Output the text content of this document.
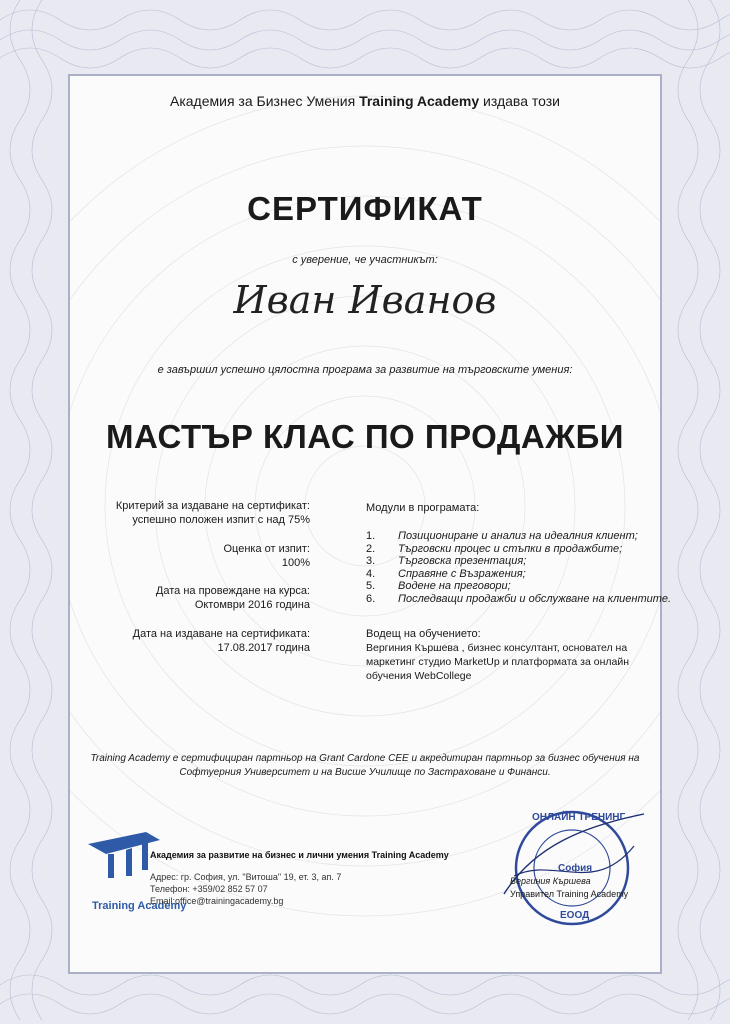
Академия за Бизнес Умения Training Academy издава този
СЕРТИФИКАТ
с уверение, че участникът:
Иван Иванов
е завършил успешно цялостна програма за развитие на търговските умения:
МАСТЪР КЛАС ПО ПРОДАЖБИ
Критерий за издаване на сертификат:
успешно положен изпит с над 75%
Оценка от изпит:
100%
Дата на провеждане на курса:
Октомври 2016 година
Дата на издаване на сертификата:
17.08.2017 година
Модули в програмата:
1. Позициониране и анализ на идеалния клиент;
2. Търговски процес и стъпки в продажбите;
3. Търговска презентация;
4. Справяне с Възражения;
5. Водене на преговори;
6. Последващи продажби и обслужване на клиентите.
Водещ на обучението:
Вергиния Кършева , бизнес консултант, основател на
маркетинг студио MarketUp и платформата за онлайн
обучения WebCollege
Training Academy е сертифициран партньор на Grant Cardone CEE и акредитиран партньор за бизнес обучения на
Софтуерния Университет и на Висше Училище по Застраховане и Финанси.
Training Academy
Академия за развитие на бизнес и лични умения Training Academy
Адрес: гр. София, ул. "Витоша" 19, ет. 3, ап. 7
Телефон: +359/02 852 57 07
Email:office@trainingacademy.bg
ОНЛАЙН ТРЕНИНГ
София
ЕООД
Вергиния Кършева
Управител Training Academy
